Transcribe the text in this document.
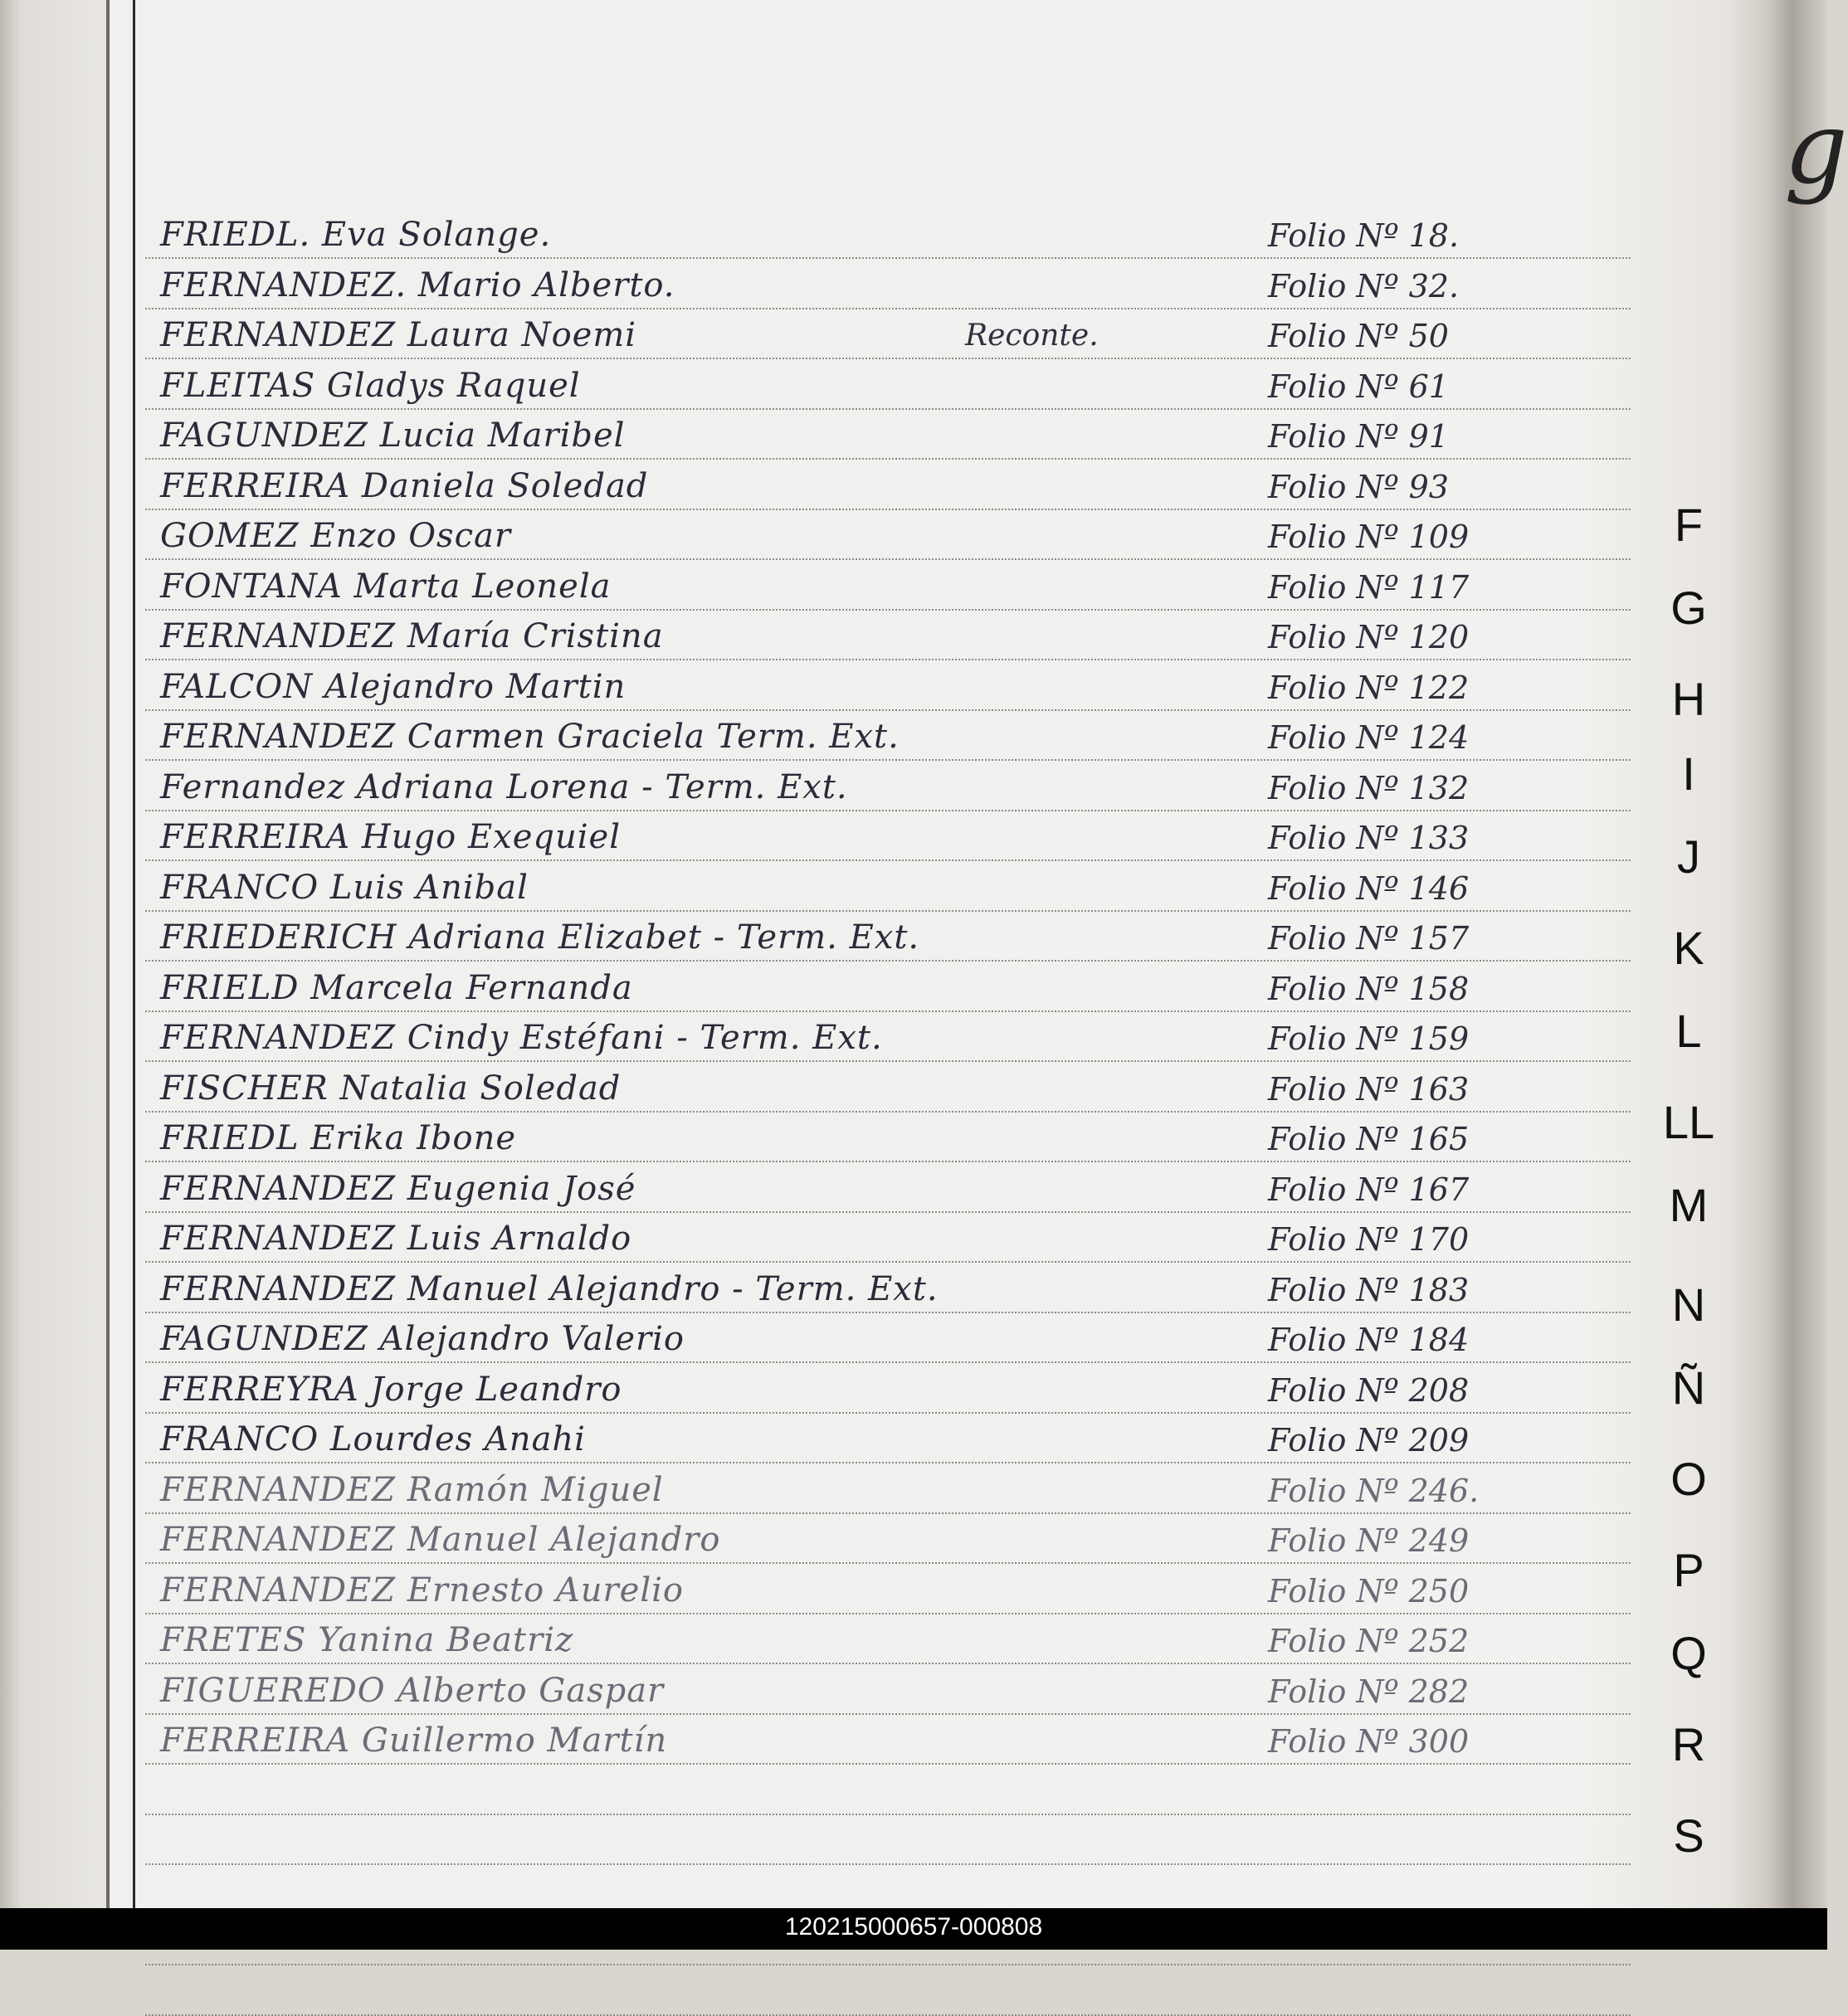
g
FRIEDL. Eva Solange.	Folio Nº 18.
FERNANDEZ. Mario Alberto.	Folio Nº 32.
FERNANDEZ Laura Noemi	Reconte.	Folio Nº 50
FLEITAS Gladys Raquel	Folio Nº 61
FAGUNDEZ Lucia Maribel	Folio Nº 91
FERREIRA Daniela Soledad	Folio Nº 93
GOMEZ Enzo Oscar	Folio Nº 109
FONTANA Marta Leonela	Folio Nº 117
FERNANDEZ María Cristina	Folio Nº 120
FALCON Alejandro Martin	Folio Nº 122
FERNANDEZ Carmen Graciela Term. Ext.	Folio Nº 124
Fernandez Adriana Lorena - Term. Ext.	Folio Nº 132
FERREIRA Hugo Exequiel	Folio Nº 133
FRANCO Luis Anibal	Folio Nº 146
FRIEDERICH Adriana Elizabet - Term. Ext.	Folio Nº 157
FRIELD Marcela Fernanda	Folio Nº 158
FERNANDEZ Cindy Estéfani - Term. Ext.	Folio Nº 159
FISCHER Natalia Soledad	Folio Nº 163
FRIEDL Erika Ibone	Folio Nº 165
FERNANDEZ Eugenia José	Folio Nº 167
FERNANDEZ Luis Arnaldo	Folio Nº 170
FERNANDEZ Manuel Alejandro - Term. Ext.	Folio Nº 183
FAGUNDEZ Alejandro Valerio	Folio Nº 184
FERREYRA Jorge Leandro	Folio Nº 208
FRANCO Lourdes Anahi	Folio Nº 209
FERNANDEZ Ramón Miguel	Folio Nº 246.
FERNANDEZ Manuel Alejandro	Folio Nº 249
FERNANDEZ Ernesto Aurelio	Folio Nº 250
FRETES Yanina Beatriz	Folio Nº 252
FIGUEREDO Alberto Gaspar	Folio Nº 282
FERREIRA Guillermo Martín	Folio Nº 300
F
G
H
I
J
K
L
LL
M
N
Ñ
O
P
Q
R
S
120215000657-000808
